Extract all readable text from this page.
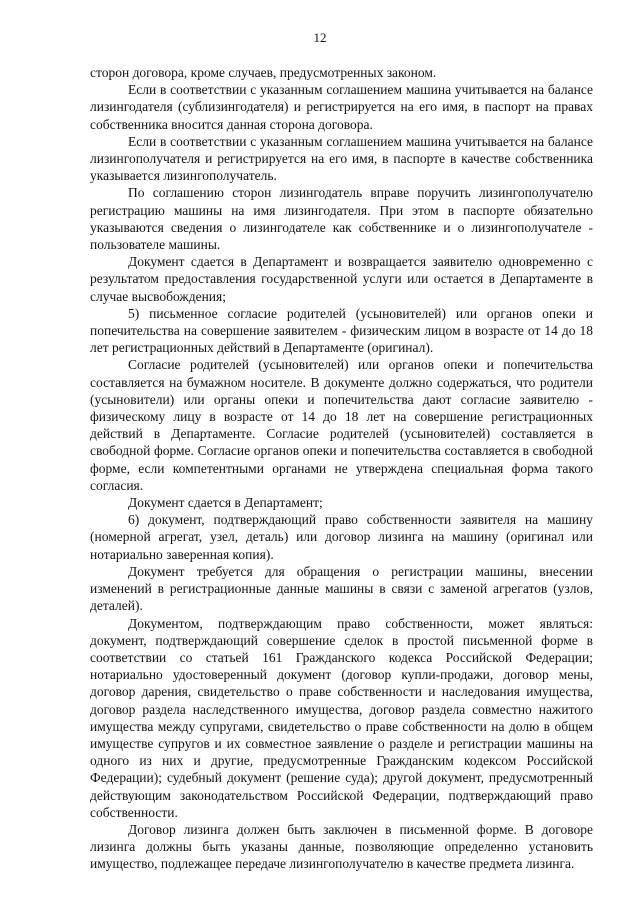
12

сторон договора, кроме случаев, предусмотренных законом.

Если в соответствии с указанным соглашением машина учитывается на балансе лизингодателя (сублизингодателя) и регистрируется на его имя, в паспорт на правах собственника вносится данная сторона договора.

Если в соответствии с указанным соглашением машина учитывается на балансе лизингополучателя и регистрируется на его имя, в паспорте в качестве собственника указывается лизингополучатель.

По соглашению сторон лизингодатель вправе поручить лизингополучателю регистрацию машины на имя лизингодателя. При этом в паспорте обязательно указываются сведения о лизингодателе как собственнике и о лизингополучателе - пользователе машины.

Документ сдается в Департамент и возвращается заявителю одновременно с результатом предоставления государственной услуги или остается в Департаменте в случае высвобождения;

5) письменное согласие родителей (усыновителей) или органов опеки и попечительства на совершение заявителем - физическим лицом в возрасте от 14 до 18 лет регистрационных действий в Департаменте (оригинал).

Согласие родителей (усыновителей) или органов опеки и попечительства составляется на бумажном носителе. В документе должно содержаться, что родители (усыновители) или органы опеки и попечительства дают согласие заявителю - физическому лицу в возрасте от 14 до 18 лет на совершение регистрационных действий в Департаменте. Согласие родителей (усыновителей) составляется в свободной форме. Согласие органов опеки и попечительства составляется в свободной форме, если компетентными органами не утверждена специальная форма такого согласия.

Документ сдается в Департамент;

6) документ, подтверждающий право собственности заявителя на машину (номерной агрегат, узел, деталь) или договор лизинга на машину (оригинал или нотариально заверенная копия).

Документ требуется для обращения о регистрации машины, внесении изменений в регистрационные данные машины в связи с заменой агрегатов (узлов, деталей).

Документом, подтверждающим право собственности, может являться: документ, подтверждающий совершение сделок в простой письменной форме в соответствии со статьей 161 Гражданского кодекса Российской Федерации; нотариально удостоверенный документ (договор купли-продажи, договор мены, договор дарения, свидетельство о праве собственности и наследования имущества, договор раздела наследственного имущества, договор раздела совместно нажитого имущества между супругами, свидетельство о праве собственности на долю в общем имуществе супругов и их совместное заявление о разделе и регистрации машины на одного из них и другие, предусмотренные Гражданским кодексом Российской Федерации); судебный документ (решение суда); другой документ, предусмотренный действующим законодательством Российской Федерации, подтверждающий право собственности.

Договор лизинга должен быть заключен в письменной форме. В договоре лизинга должны быть указаны данные, позволяющие определенно установить имущество, подлежащее передаче лизингополучателю в качестве предмета лизинга.
